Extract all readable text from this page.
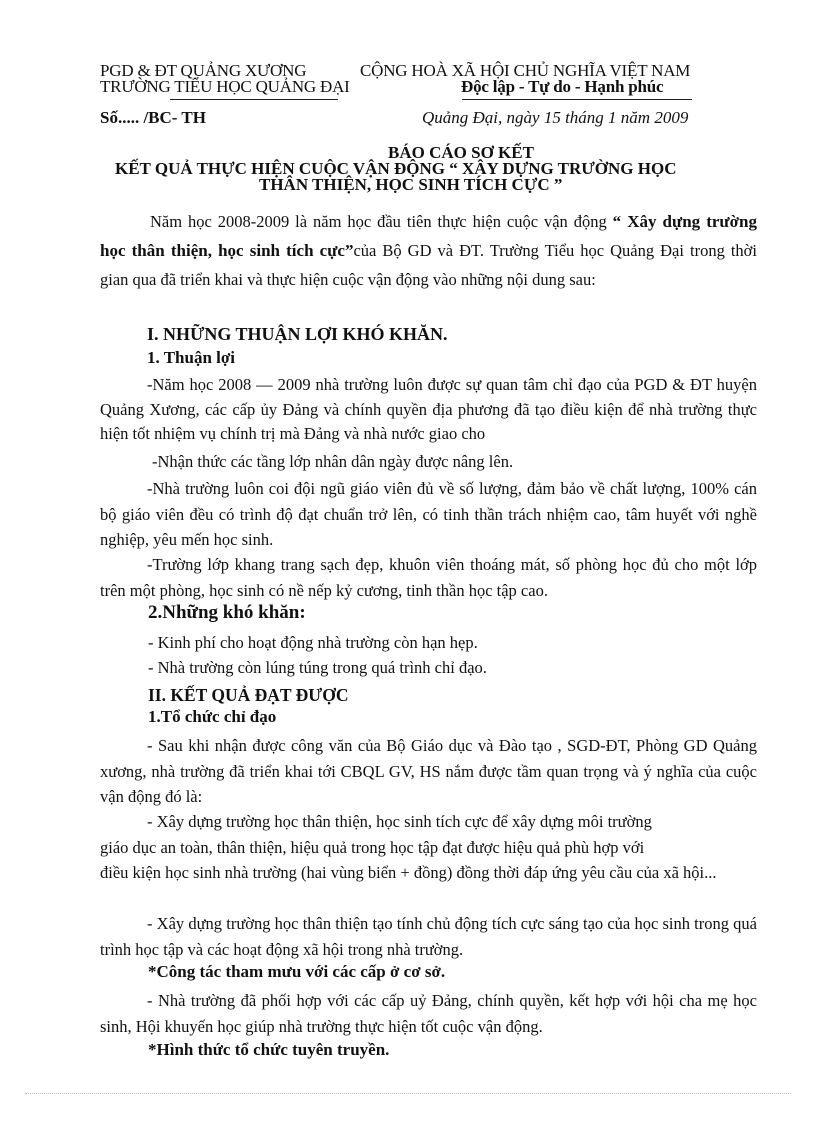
PGD & ĐT QUẢNG XƯƠNG
TRƯỜNG TIỂU HỌC QUẢNG ĐẠI
CỘNG HOÀ XÃ HỘI CHỦ NGHĨA VIỆT NAM
Độc lập - Tự do - Hạnh phúc
Số..... /BC- TH	Quảng Đại, ngày 15 tháng 1 năm 2009
BÁO CÁO SƠ KẾT
KẾT QUẢ THỰC HIỆN CUỘC VẬN ĐỘNG “ XÂY DỰNG TRƯỜNG HỌC
THÂN THIỆN, HỌC SINH TÍCH CỰC ”
Năm học 2008-2009 là năm học đầu tiên thực hiện cuộc vận động “ Xây dựng trường học thân thiện, học sinh tích cực”của Bộ GD và ĐT. Trường Tiểu học Quảng Đại trong thời gian qua đã triển khai và thực hiện cuộc vận động vào những nội dung sau:
I. NHỮNG THUẬN LỢI KHÓ KHĂN.
1. Thuận lợi
-Năm học 2008 — 2009 nhà trường luôn được sự quan tâm chỉ đạo của PGD & ĐT huyện Quảng Xương, các cấp ủy Đảng và chính quyền địa phương đã tạo điều kiện để nhà trường thực hiện tốt nhiệm vụ chính trị mà Đảng và nhà nước giao cho
-Nhận thức các tầng lớp nhân dân ngày được nâng lên.
-Nhà trường luôn coi đội ngũ giáo viên đủ về số lượng, đảm bảo về chất lượng, 100% cán bộ giáo viên đều có trình độ đạt chuẩn trở lên, có tinh thần trách nhiệm cao, tâm huyết với nghề nghiệp, yêu mến học sinh.
-Trường lớp khang trang sạch đẹp, khuôn viên thoáng mát, số phòng học đủ cho một lớp trên một phòng, học sinh có nề nếp kỷ cương, tinh thần học tập cao.
2.Những khó khăn:
- Kinh phí cho hoạt động nhà trường còn hạn hẹp.
- Nhà trường còn lúng túng trong quá trình chỉ đạo.
II. KẾT QUẢ ĐẠT ĐƯỢC
1.Tổ chức chỉ đạo
- Sau khi nhận được công văn của Bộ Giáo dục và Đào tạo , SGD-ĐT, Phòng GD Quảng xương, nhà trường đã triển khai tới CBQL GV, HS nắm được tầm quan trọng và ý nghĩa của cuộc vận động đó là:
- Xây dựng trường học thân thiện, học sinh tích cực để xây dựng môi trường
giáo dục an toàn, thân thiện, hiệu quả trong học tập đạt được hiệu quả phù hợp với
điều kiện học sinh nhà trường (hai vùng biển + đồng) đồng thời đáp ứng yêu cầu của xã hội...
- Xây dựng trường học thân thiện tạo tính chủ động tích cực sáng tạo của học sinh trong quá trình học tập và các hoạt động xã hội trong nhà trường.
*Công tác tham mưu với các cấp ở cơ sở.
- Nhà trường đã phối hợp với các cấp uỷ Đảng, chính quyền, kết hợp với hội cha mẹ học sinh, Hội khuyến học giúp nhà trường thực hiện tốt cuộc vận động.
*Hình thức tổ chức tuyên truyền.
